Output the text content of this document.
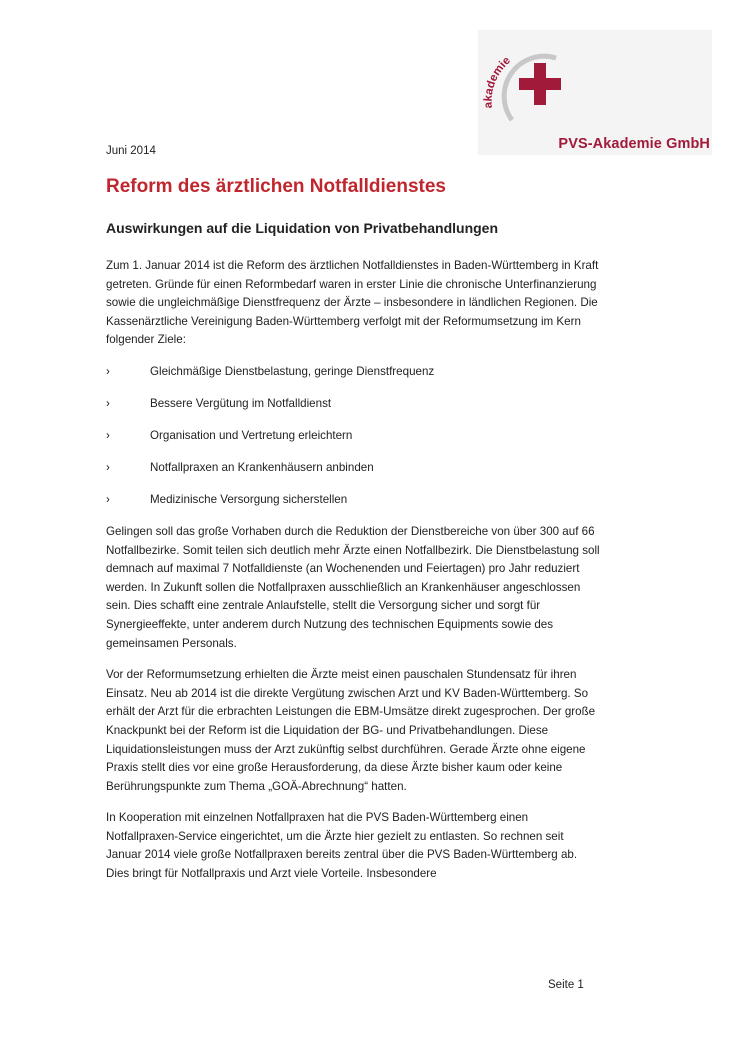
akademie
PVS-Akademie GmbH
Juni 2014
Reform des ärztlichen Notfalldienstes
Auswirkungen auf die Liquidation von Privatbehandlungen

Zum 1. Januar 2014 ist die Reform des ärztlichen Notfalldienstes in Baden-Württemberg in Kraft getreten. Gründe für einen Reformbedarf waren in erster Linie die chronische Unterfinanzierung sowie die ungleichmäßige Dienstfrequenz der Ärzte – insbesondere in ländlichen Regionen. Die Kassenärztliche Vereinigung Baden-Württemberg verfolgt mit der Reformumsetzung im Kern folgender Ziele:

›	Gleichmäßige Dienstbelastung, geringe Dienstfrequenz
›	Bessere Vergütung im Notfalldienst
›	Organisation und Vertretung erleichtern
›	Notfallpraxen an Krankenhäusern anbinden
›	Medizinische Versorgung sicherstellen

Gelingen soll das große Vorhaben durch die Reduktion der Dienstbereiche von über 300 auf 66 Notfallbezirke. Somit teilen sich deutlich mehr Ärzte einen Notfallbezirk. Die Dienstbelastung soll demnach auf maximal 7 Notfalldienste (an Wochenenden und Feiertagen) pro Jahr reduziert werden. In Zukunft sollen die Notfallpraxen ausschließlich an Krankenhäuser angeschlossen sein. Dies schafft eine zentrale Anlaufstelle, stellt die Versorgung sicher und sorgt für Synergieeffekte, unter anderem durch Nutzung des technischen Equipments sowie des gemeinsamen Personals.

Vor der Reformumsetzung erhielten die Ärzte meist einen pauschalen Stundensatz für ihren Einsatz. Neu ab 2014 ist die direkte Vergütung zwischen Arzt und KV Baden-Württemberg. So erhält der Arzt für die erbrachten Leistungen die EBM-Umsätze direkt zugesprochen. Der große Knackpunkt bei der Reform ist die Liquidation der BG- und Privatbehandlungen. Diese Liquidationsleistungen muss der Arzt zukünftig selbst durchführen. Gerade Ärzte ohne eigene Praxis stellt dies vor eine große Herausforderung, da diese Ärzte bisher kaum oder keine Berührungspunkte zum Thema „GOÄ-Abrechnung“ hatten.

In Kooperation mit einzelnen Notfallpraxen hat die PVS Baden-Württemberg einen Notfallpraxen-Service eingerichtet, um die Ärzte hier gezielt zu entlasten. So rechnen seit Januar 2014 viele große Notfallpraxen bereits zentral über die PVS Baden-Württemberg ab. Dies bringt für Notfallpraxis und Arzt viele Vorteile. Insbesondere

Seite 1
